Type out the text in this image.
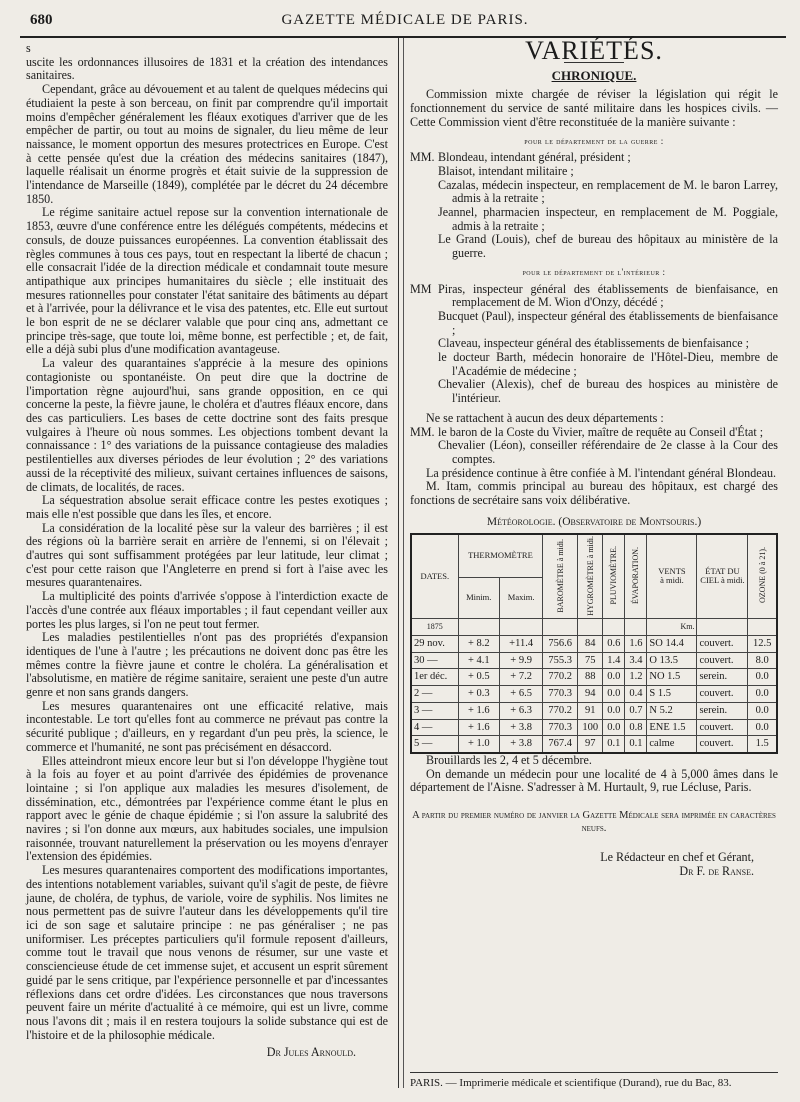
680	GAZETTE MÉDICALE DE PARIS.

s
uscite les ordonnances illusoires de 1831 et la création des intendances sanitaires.

Cependant, grâce au dévouement et au talent de quelques médecins qui étudiaient la peste à son berceau, on finit par comprendre qu'il importait moins d'empêcher généralement les fléaux exotiques d'arriver que de les empêcher de partir, ou tout au moins de signaler, du lieu même de leur naissance, le moment opportun des mesures protectrices en Europe. C'est à cette pensée qu'est due la création des médecins sanitaires (1847), laquelle réalisait un énorme progrès et était suivie de la suppression de l'intendance de Marseille (1849), complétée par le décret du 24 décembre 1850.

Le régime sanitaire actuel repose sur la convention internationale de 1853, œuvre d'une conférence entre les délégués compétents, médecins et consuls, de douze puissances européennes. La convention établissait des règles communes à tous ces pays, tout en respectant la liberté de chacun ; elle consacrait l'idée de la direction médicale et condamnait toute mesure antipathique aux principes humanitaires du siècle ; elle instituait des mesures rationnelles pour constater l'état sanitaire des bâtiments au départ et à l'arrivée, pour la délivrance et le visa des patentes, etc. Elle eut surtout le bon esprit de ne se déclarer valable que pour cinq ans, admettant ce principe très-sage, que toute loi, même bonne, est perfectible ; et, de fait, elle a déjà subi plus d'une modification avantageuse.

La valeur des quarantaines s'apprécie à la mesure des opinions contagioniste ou spontanéiste. On peut dire que la doctrine de l'importation règne aujourd'hui, sans grande opposition, en ce qui concerne la peste, la fièvre jaune, le choléra et d'autres fléaux encore, dans des cas particuliers. Les bases de cette doctrine sont des faits presque vulgaires à l'heure où nous sommes. Les objections tombent devant la connaissance : 1° des variations de la puissance contagieuse des maladies pestilentielles aux diverses périodes de leur évolution ; 2° des variations aussi de la réceptivité des milieux, suivant certaines influences de saisons, de climats, de localités, de races.

La séquestration absolue serait efficace contre les pestes exotiques ; mais elle n'est possible que dans les îles, et encore.

La considération de la localité pèse sur la valeur des barrières ; il est des régions où la barrière serait en arrière de l'ennemi, si on l'élevait ; d'autres qui sont suffisamment protégées par leur latitude, leur climat ; c'est pour cette raison que l'Angleterre en prend si fort à l'aise avec les mesures quarantenaires.

La multiplicité des points d'arrivée s'oppose à l'interdiction exacte de l'accès d'une contrée aux fléaux importables ; il faut cependant veiller aux portes les plus larges, si l'on ne peut tout fermer.

Les maladies pestilentielles n'ont pas des propriétés d'expansion identiques de l'une à l'autre ; les précautions ne doivent donc pas être les mêmes contre la fièvre jaune et contre le choléra. La généralisation et l'absolutisme, en matière de régime sanitaire, seraient une peste d'un autre genre et non sans grands dangers.

Les mesures quarantenaires ont une efficacité relative, mais incontestable. Le tort qu'elles font au commerce ne prévaut pas contre la sécurité publique ; d'ailleurs, en y regardant d'un peu près, la science, le commerce et l'humanité, ne sont pas précisément en désaccord.

Elles atteindront mieux encore leur but si l'on développe l'hygiène tout à la fois au foyer et au point d'arrivée des épidémies de provenance lointaine ; si l'on applique aux maladies les mesures d'isolement, de dissémination, etc., démontrées par l'expérience comme étant le plus en rapport avec le génie de chaque épidémie ; si l'on assure la salubrité des navires ; si l'on donne aux mœurs, aux habitudes sociales, une impulsion raisonnée, trouvant naturellement la préservation ou les moyens d'enrayer l'extension des épidémies.

Les mesures quarantenaires comportent des modifications importantes, des intentions notablement variables, suivant qu'il s'agit de peste, de fièvre jaune, de choléra, de typhus, de variole, voire de syphilis. Nos limites ne nous permettent pas de suivre l'auteur dans les développements qu'il tire ici de son sage et salutaire principe : ne pas généraliser ; ne pas uniformiser. Les préceptes particuliers qu'il formule reposent d'ailleurs, comme tout le travail que nous venons de résumer, sur une vaste et consciencieuse étude de cet immense sujet, et accusent un esprit sûrement guidé par le sens critique, par l'expérience personnelle et par d'incessantes réflexions dans cet ordre d'idées. Les circonstances que nous traversons peuvent faire un mérite d'actualité à ce mémoire, qui est un livre, comme nous l'avons dit ; mais il en restera toujours la solide substance qui est de l'histoire et de la philosophie médicale.

Dr Jules Arnould.
VARIÉTÉS.
CHRONIQUE.

Commission mixte chargée de réviser la législation qui régit le fonctionnement du service de santé militaire dans les hospices civils. — Cette Commission vient d'être reconstituée de la manière suivante :

pour le département de la guerre :
MM. Blondeau, intendant général, président ;
Blaisot, intendant militaire ;
Cazalas, médecin inspecteur, en remplacement de M. le baron Larrey, admis à la retraite ;
Jeannel, pharmacien inspecteur, en remplacement de M. Poggiale, admis à la retraite ;
Le Grand (Louis), chef de bureau des hôpitaux au ministère de la guerre.
pour le département de l'intérieur :
MM Piras, inspecteur général des établissements de bienfaisance, en remplacement de M. Wion d'Onzy, décédé ;
Bucquet (Paul), inspecteur général des établissements de bienfaisance ;
Claveau, inspecteur général des établissements de bienfaisance ;
le docteur Barth, médecin honoraire de l'Hôtel-Dieu, membre de l'Académie de médecine ;
Chevalier (Alexis), chef de bureau des hospices au ministère de l'intérieur.

Ne se rattachent à aucun des deux départements :

MM. le baron de la Coste du Vivier, maître de requête au Conseil d'État ;
Chevalier (Léon), conseiller référendaire de 2e classe à la Cour des comptes.

La présidence continue à être confiée à M. l'intendant général Blondeau.

M. Itam, commis principal au bureau des hôpitaux, est chargé des fonctions de secrétaire sans voix délibérative.

Météorologie. (Observatoire de Montsouris.)
DATES.	THERMOMÈTRE		BAROMÈTRE à midi.	HYGROMÈTRE à midi.	PLUVIOMÈTRE.	ÉVAPORATION.	VENTS
à midi.	ÉTAT DU CIEL à midi.	OZONE (0 à 21).
	Minim.	Maxim.							
1875							Km.		
29 nov.	+ 8.2	+11.4	756.6	84	0.6	1.6	SO 14.4	couvert.	12.5
30 —	+ 4.1	+ 9.9	755.3	75	1.4	3.4	O 13.5	couvert.	8.0
1er déc.	+ 0.5	+ 7.2	770.2	88	0.0	1.2	NO 1.5	serein.	0.0
2 —	+ 0.3	+ 6.5	770.3	94	0.0	0.4	S 1.5	couvert.	0.0
3 —	+ 1.6	+ 6.3	770.2	91	0.0	0.7	N 5.2	serein.	0.0
4 —	+ 1.6	+ 3.8	770.3	100	0.0	0.8	ENE 1.5	couvert.	0.0
5 —	+ 1.0	+ 3.8	767.4	97	0.1	0.1	calme	couvert.	1.5

Brouillards les 2, 4 et 5 décembre.

On demande un médecin pour une localité de 4 à 5,000 âmes dans le département de l'Aisne. S'adresser à M. Hurtault, 9, rue Lécluse, Paris.

A partir du premier numéro de janvier la Gazette Médicale sera imprimée en caractères neufs.
Le Rédacteur en chef et Gérant,
Dr F. de Ranse.
PARIS. — Imprimerie médicale et scientifique (Durand), rue du Bac, 83.
